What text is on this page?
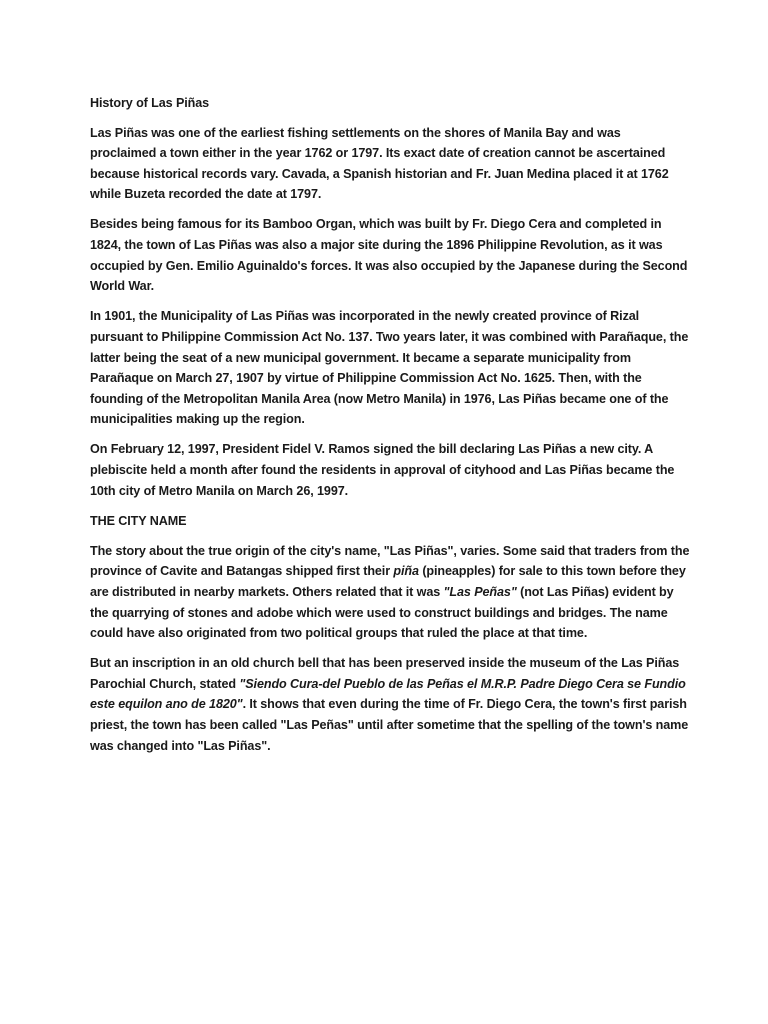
History of Las Piñas

Las Piñas was one of the earliest fishing settlements on the shores of Manila Bay and was proclaimed a town either in the year 1762 or 1797. Its exact date of creation cannot be ascertained because historical records vary. Cavada, a Spanish historian and Fr. Juan Medina placed it at 1762 while Buzeta recorded the date at 1797.

Besides being famous for its Bamboo Organ, which was built by Fr. Diego Cera and completed in 1824, the town of Las Piñas was also a major site during the 1896 Philippine Revolution, as it was occupied by Gen. Emilio Aguinaldo's forces. It was also occupied by the Japanese during the Second World War.

In 1901, the Municipality of Las Piñas was incorporated in the newly created province of Rizal pursuant to Philippine Commission Act No. 137. Two years later, it was combined with Parañaque, the latter being the seat of a new municipal government. It became a separate municipality from Parañaque on March 27, 1907 by virtue of Philippine Commission Act No. 1625. Then, with the founding of the Metropolitan Manila Area (now Metro Manila) in 1976, Las Piñas became one of the municipalities making up the region.

On February 12, 1997, President Fidel V. Ramos signed the bill declaring Las Piñas a new city. A plebiscite held a month after found the residents in approval of cityhood and Las Piñas became the 10th city of Metro Manila on March 26, 1997.

THE CITY NAME

The story about the true origin of the city's name, "Las Piñas", varies. Some said that traders from the province of Cavite and Batangas shipped first their piña (pineapples) for sale to this town before they are distributed in nearby markets. Others related that it was "Las Peñas" (not Las Piñas) evident by the quarrying of stones and adobe which were used to construct buildings and bridges. The name could have also originated from two political groups that ruled the place at that time.

But an inscription in an old church bell that has been preserved inside the museum of the Las Piñas Parochial Church, stated "Siendo Cura-del Pueblo de las Peñas el M.R.P. Padre Diego Cera se Fundio este equilon ano de 1820". It shows that even during the time of Fr. Diego Cera, the town's first parish priest, the town has been called "Las Peñas" until after sometime that the spelling of the town's name was changed into "Las Piñas".
